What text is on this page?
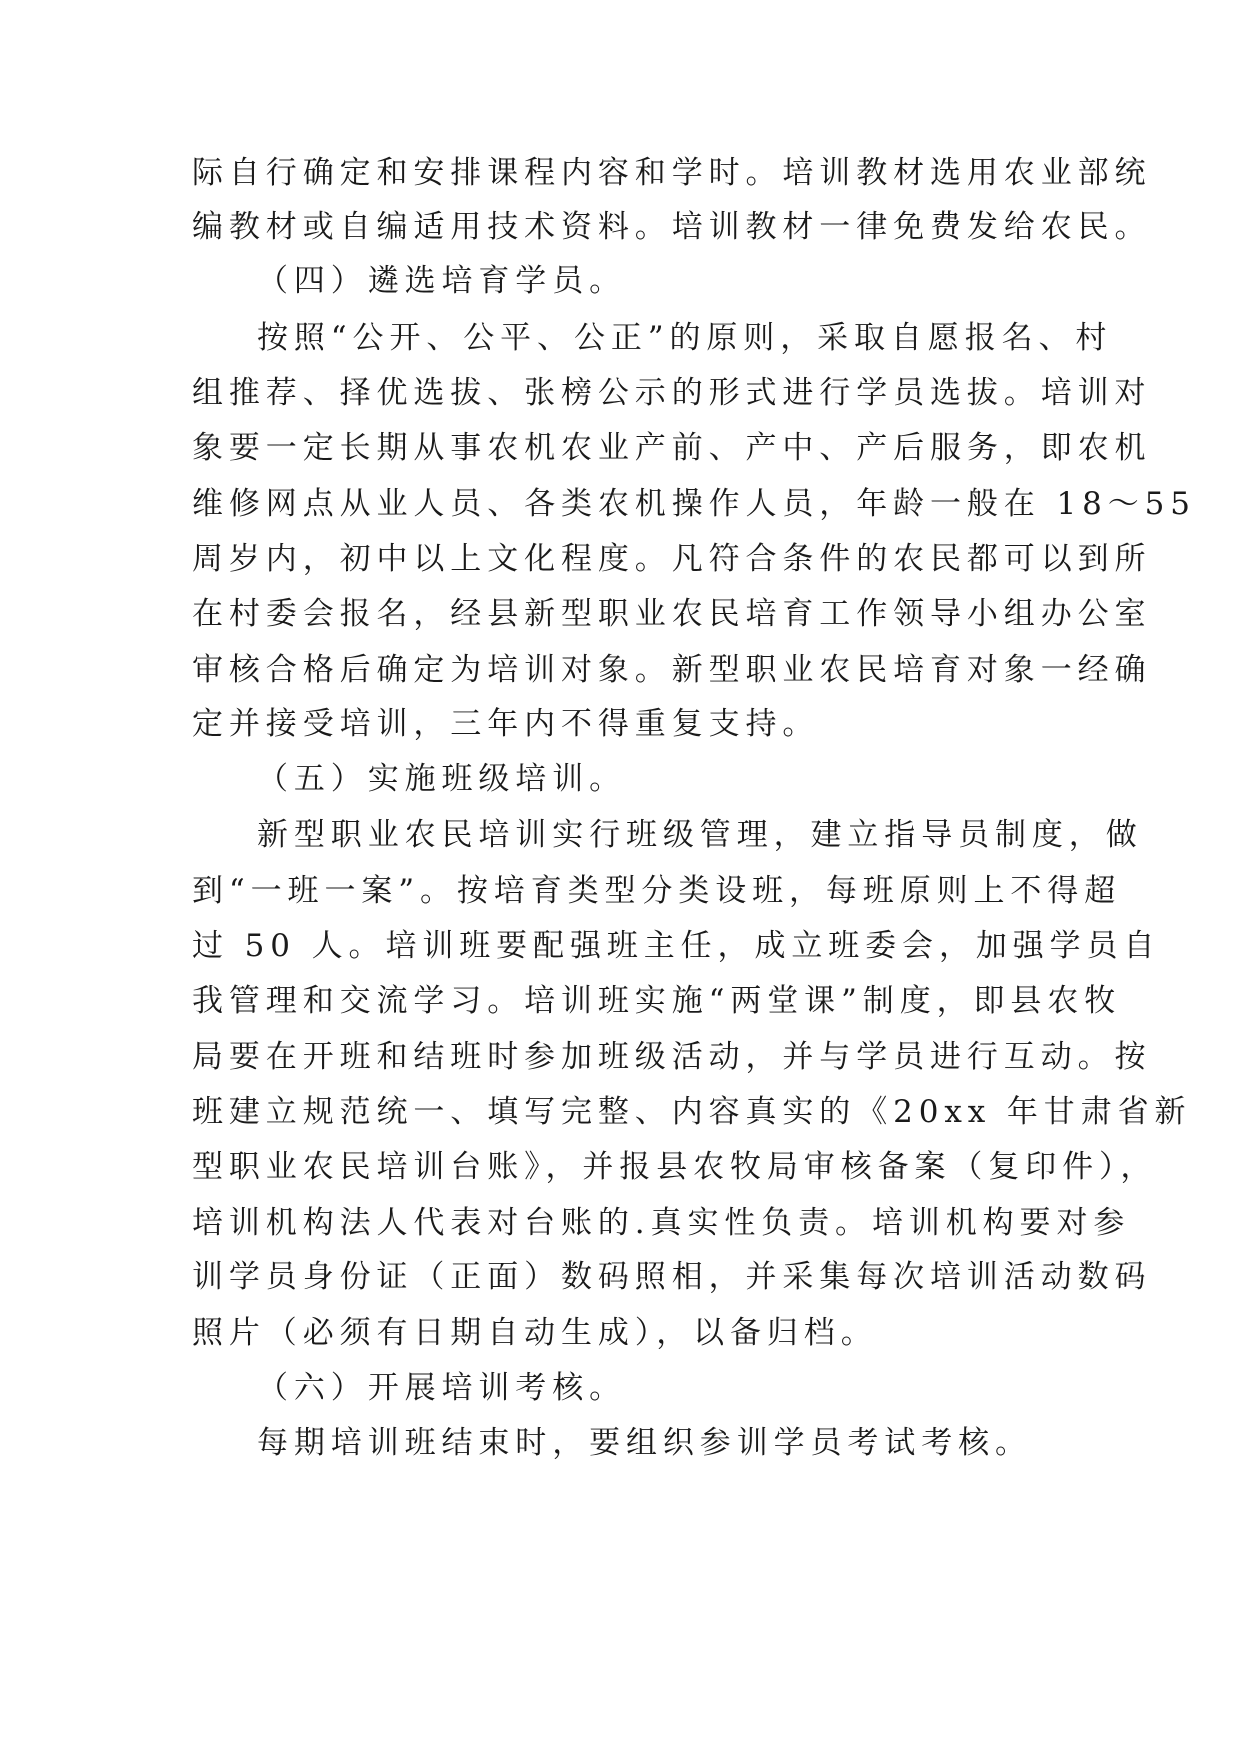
际自行确定和安排课程内容和学时。培训教材选用农业部统

编教材或自编适用技术资料。培训教材一律免费发给农民。

（四）遴选培育学员。

按照“公开、公平、公正”的原则，采取自愿报名、村

组推荐、择优选拔、张榜公示的形式进行学员选拔。培训对

象要一定长期从事农机农业产前、产中、产后服务，即农机

维修网点从业人员、各类农机操作人员，年龄一般在 18～55

周岁内，初中以上文化程度。凡符合条件的农民都可以到所

在村委会报名，经县新型职业农民培育工作领导小组办公室

审核合格后确定为培训对象。新型职业农民培育对象一经确

定并接受培训，三年内不得重复支持。

（五）实施班级培训。

新型职业农民培训实行班级管理，建立指导员制度，做

到“一班一案”。按培育类型分类设班，每班原则上不得超

过 50 人。培训班要配强班主任，成立班委会，加强学员自

我管理和交流学习。培训班实施“两堂课”制度，即县农牧

局要在开班和结班时参加班级活动，并与学员进行互动。按

班建立规范统一、填写完整、内容真实的《20xx 年甘肃省新

型职业农民培训台账》，并报县农牧局审核备案（复印件），

培训机构法人代表对台账的.真实性负责。培训机构要对参

训学员身份证（正面）数码照相，并采集每次培训活动数码

照片（必须有日期自动生成），以备归档。

（六）开展培训考核。

每期培训班结束时，要组织参训学员考试考核。
